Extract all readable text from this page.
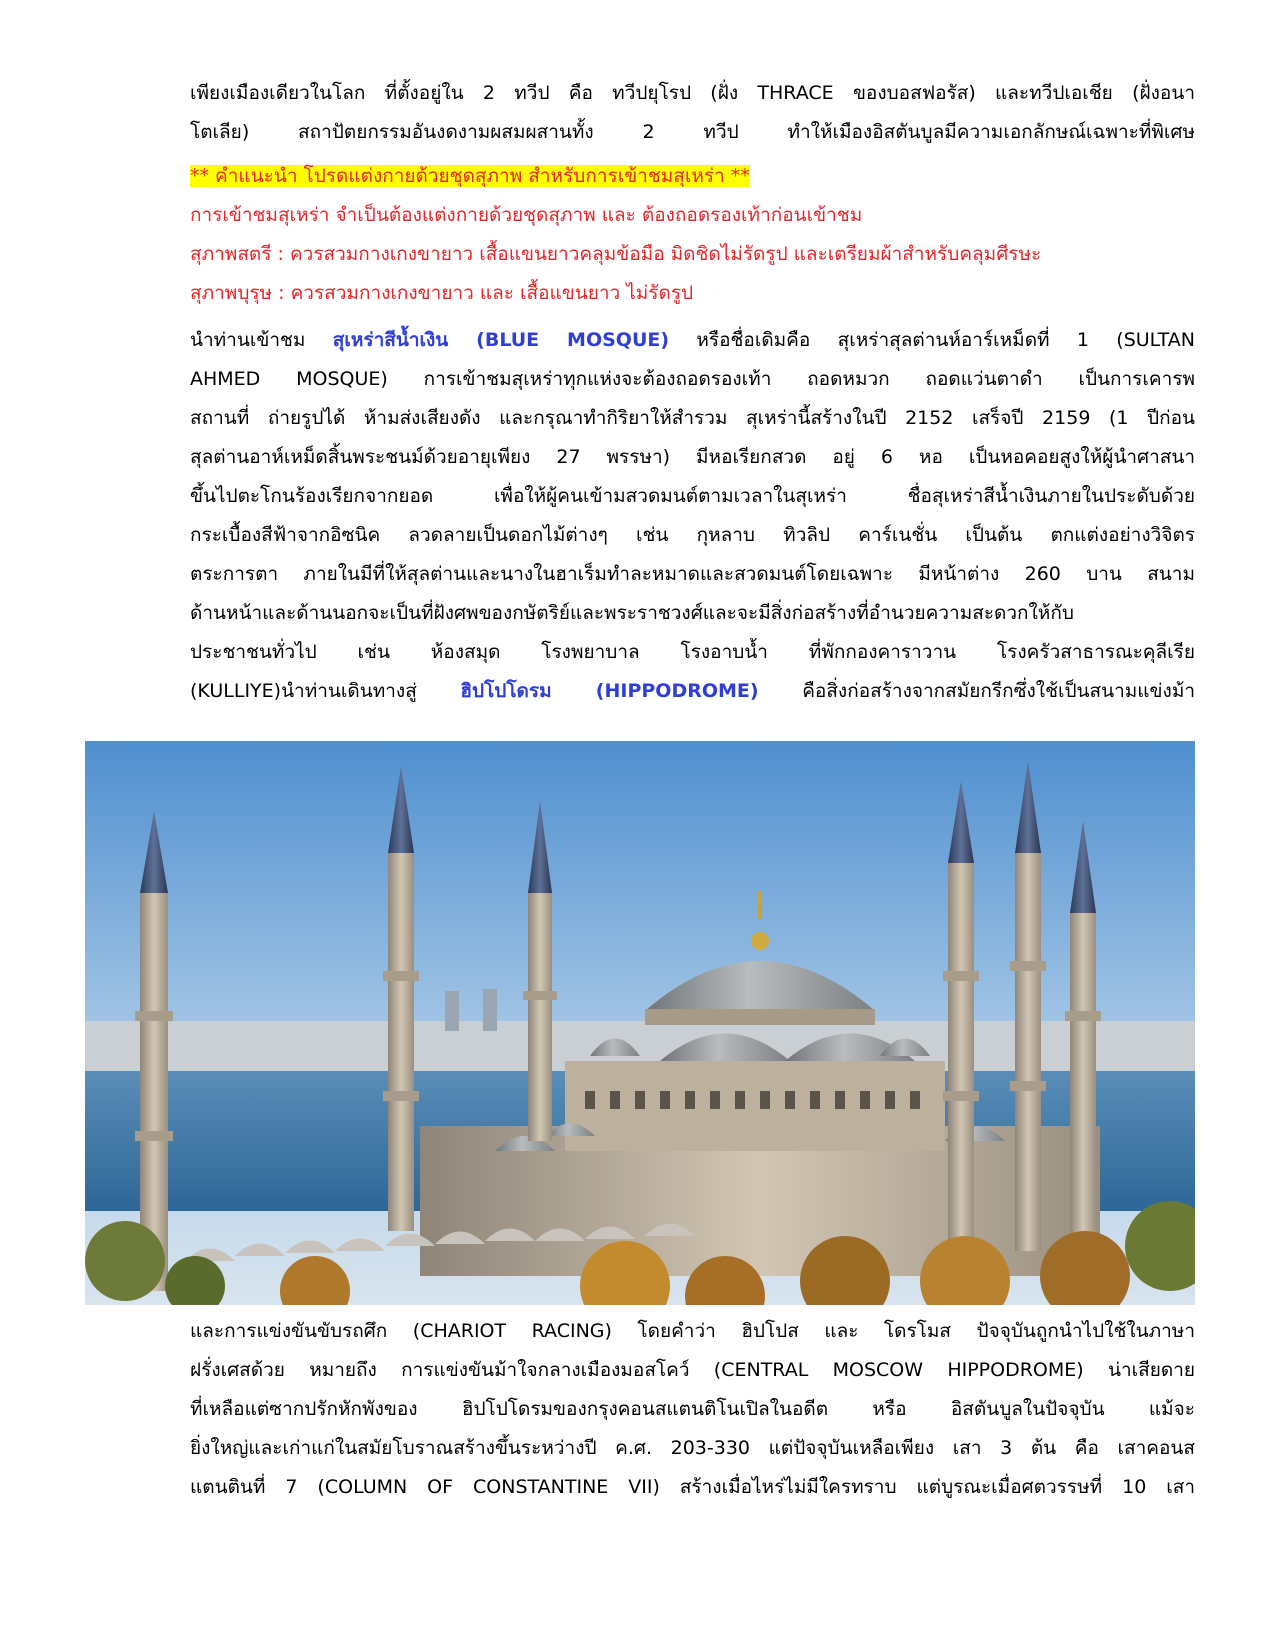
เพียงเมืองเดียวในโลก ที่ตั้งอยู่ใน 2 ทวีป คือ ทวีปยุโรป (ฝั่ง THRACE ของบอสฟอรัส) และทวีปเอเชีย (ฝั่งอนา
โตเลีย) สถาปัตยกรรมอันงดงามผสมผสานทั้ง 2 ทวีป ทำให้เมืองอิสตันบูลมีความเอกลักษณ์เฉพาะที่พิเศษ
** คำแนะนำ โปรดแต่งกายด้วยชุดสุภาพ สำหรับการเข้าชมสุเหร่า **
การเข้าชมสุเหร่า จำเป็นต้องแต่งกายด้วยชุดสุภาพ และ ต้องถอดรองเท้าก่อนเข้าชม
สุภาพสตรี : ควรสวมกางเกงขายาว เสื้อแขนยาวคลุมข้อมือ มิดชิดไม่รัดรูป และเตรียมผ้าสำหรับคลุมศีรษะ
สุภาพบุรุษ : ควรสวมกางเกงขายาว และ เสื้อแขนยาว ไม่รัดรูป
นำท่านเข้าชม สุเหร่าสีน้ำเงิน (BLUE MOSQUE) หรือชื่อเดิมคือ สุเหร่าสุลต่านห์อาร์เหม็ดที่ 1 (SULTAN
AHMED MOSQUE) การเข้าชมสุเหร่าทุกแห่งจะต้องถอดรองเท้า ถอดหมวก ถอดแว่นตาดำ เป็นการเคารพ
สถานที่ ถ่ายรูปได้ ห้ามส่งเสียงดัง และกรุณาทำกิริยาให้สำรวม สุเหร่านี้สร้างในปี 2152 เสร็จปี 2159 (1 ปีก่อน
สุลต่านอาห์เหม็ดสิ้นพระชนม์ด้วยอายุเพียง 27 พรรษา) มีหอเรียกสวด อยู่ 6 หอ เป็นหอคอยสูงให้ผู้นำศาสนา
ขึ้นไปตะโกนร้องเรียกจากยอด เพื่อให้ผู้คนเข้ามสวดมนต์ตามเวลาในสุเหร่า ชื่อสุเหร่าสีน้ำเงินภายในประดับด้วย
กระเบื้องสีฟ้าจากอิซนิค ลวดลายเป็นดอกไม้ต่างๆ เช่น กุหลาบ ทิวลิป คาร์เนชั่น เป็นต้น ตกแต่งอย่างวิจิตร
ตระการตา ภายในมีที่ให้สุลต่านและนางในฮาเร็มทำละหมาดและสวดมนต์โดยเฉพาะ มีหน้าต่าง 260 บาน สนาม
ด้านหน้าและด้านนอกจะเป็นที่ฝังศพของกษัตริย์และพระราชวงศ์และจะมีสิ่งก่อสร้างที่อำนวยความสะดวกให้กับ
ประชาชนทั่วไป เช่น ห้องสมุด โรงพยาบาล โรงอาบน้ำ ที่พักกองคาราวาน โรงครัวสาธารณะคุลีเรีย
(KULLIYE)นำท่านเดินทางสู่ ฮิปโปโดรม (HIPPODROME) คือสิ่งก่อสร้างจากสมัยกรีกซึ่งใช้เป็นสนามแข่งม้า
และการแข่งขันขับรถศึก (CHARIOT RACING) โดยคำว่า ฮิปโปส และ โดรโมส ปัจจุบันถูกนำไปใช้ในภาษา
ฝรั่งเศสด้วย หมายถึง การแข่งขันม้าใจกลางเมืองมอสโคว์ (CENTRAL MOSCOW HIPPODROME) น่าเสียดาย
ที่เหลือแต่ซากปรักหักพังของ ฮิปโปโดรมของกรุงคอนสแตนติโนเปิลในอดีต หรือ อิสตันบูลในปัจจุบัน แม้จะ
ยิ่งใหญ่และเก่าแก่ในสมัยโบราณสร้างขึ้นระหว่างปี ค.ศ. 203-330 แต่ปัจจุบันเหลือเพียง เสา 3 ต้น คือ เสาคอนส
แตนตินที่ 7 (COLUMN OF CONSTANTINE VII) สร้างเมื่อไหร่ไม่มีใครทราบ แต่บูรณะเมื่อศตวรรษที่ 10 เสา
